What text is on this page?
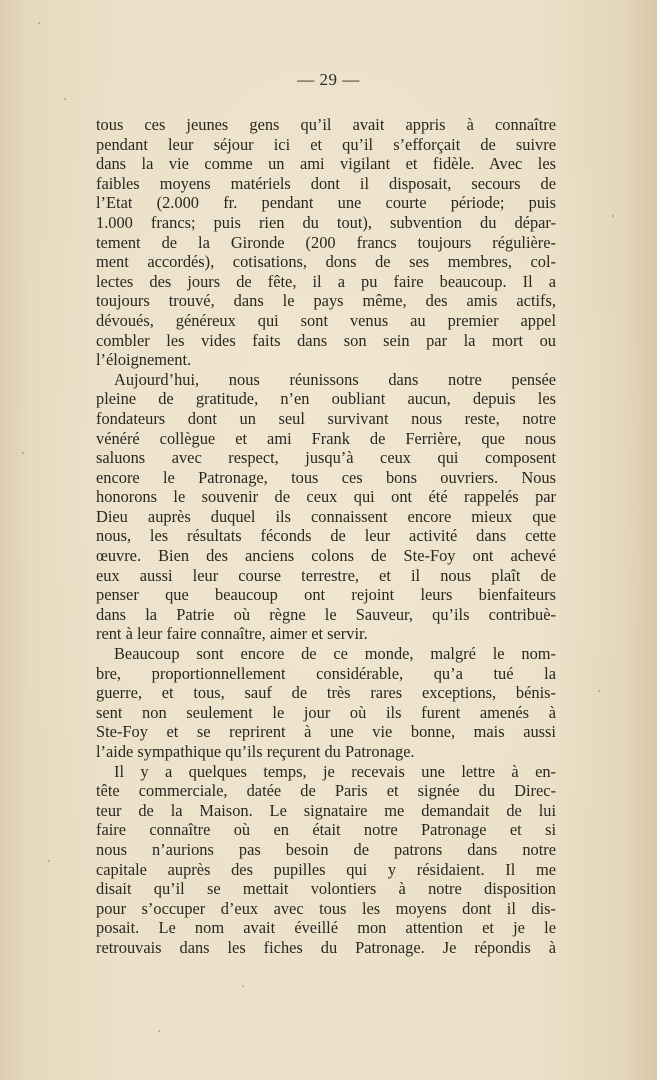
— 29 —
tous ces jeunes gens qu’il avait appris à connaître
pendant leur séjour ici et qu’il s’efforçait de suivre
dans la vie comme un ami vigilant et fidèle. Avec les
faibles moyens matériels dont il disposait, secours de
l’Etat (2.000 fr. pendant une courte période; puis
1.000 francs; puis rien du tout), subvention du dépar-
tement de la Gironde (200 francs toujours régulière-
ment accordés), cotisations, dons de ses membres, col-
lectes des jours de fête, il a pu faire beaucoup. Il a
toujours trouvé, dans le pays même, des amis actifs,
dévoués, généreux qui sont venus au premier appel
combler les vides faits dans son sein par la mort ou
l’éloignement.
Aujourd’hui, nous réunissons dans notre pensée
pleine de gratitude, n’en oubliant aucun, depuis les
fondateurs dont un seul survivant nous reste, notre
vénéré collègue et ami Frank de Ferrière, que nous
saluons avec respect, jusqu’à ceux qui composent
encore le Patronage, tous ces bons ouvriers. Nous
honorons le souvenir de ceux qui ont été rappelés par
Dieu auprès duquel ils connaissent encore mieux que
nous, les résultats féconds de leur activité dans cette
œuvre. Bien des anciens colons de Ste-Foy ont achevé
eux aussi leur course terrestre, et il nous plaît de
penser que beaucoup ont rejoint leurs bienfaiteurs
dans la Patrie où règne le Sauveur, qu’ils contribuè-
rent à leur faire connaître, aimer et servir.
Beaucoup sont encore de ce monde, malgré le nom-
bre, proportionnellement considérable, qu’a tué la
guerre, et tous, sauf de très rares exceptions, bénis-
sent non seulement le jour où ils furent amenés à
Ste-Foy et se reprirent à une vie bonne, mais aussi
l’aide sympathique qu’ils reçurent du Patronage.
Il y a quelques temps, je recevais une lettre à en-
tête commerciale, datée de Paris et signée du Direc-
teur de la Maison. Le signataire me demandait de lui
faire connaître où en était notre Patronage et si
nous n’aurions pas besoin de patrons dans notre
capitale auprès des pupilles qui y résidaient. Il me
disait qu’il se mettait volontiers à notre disposition
pour s’occuper d’eux avec tous les moyens dont il dis-
posait. Le nom avait éveillé mon attention et je le
retrouvais dans les fiches du Patronage. Je répondis à
